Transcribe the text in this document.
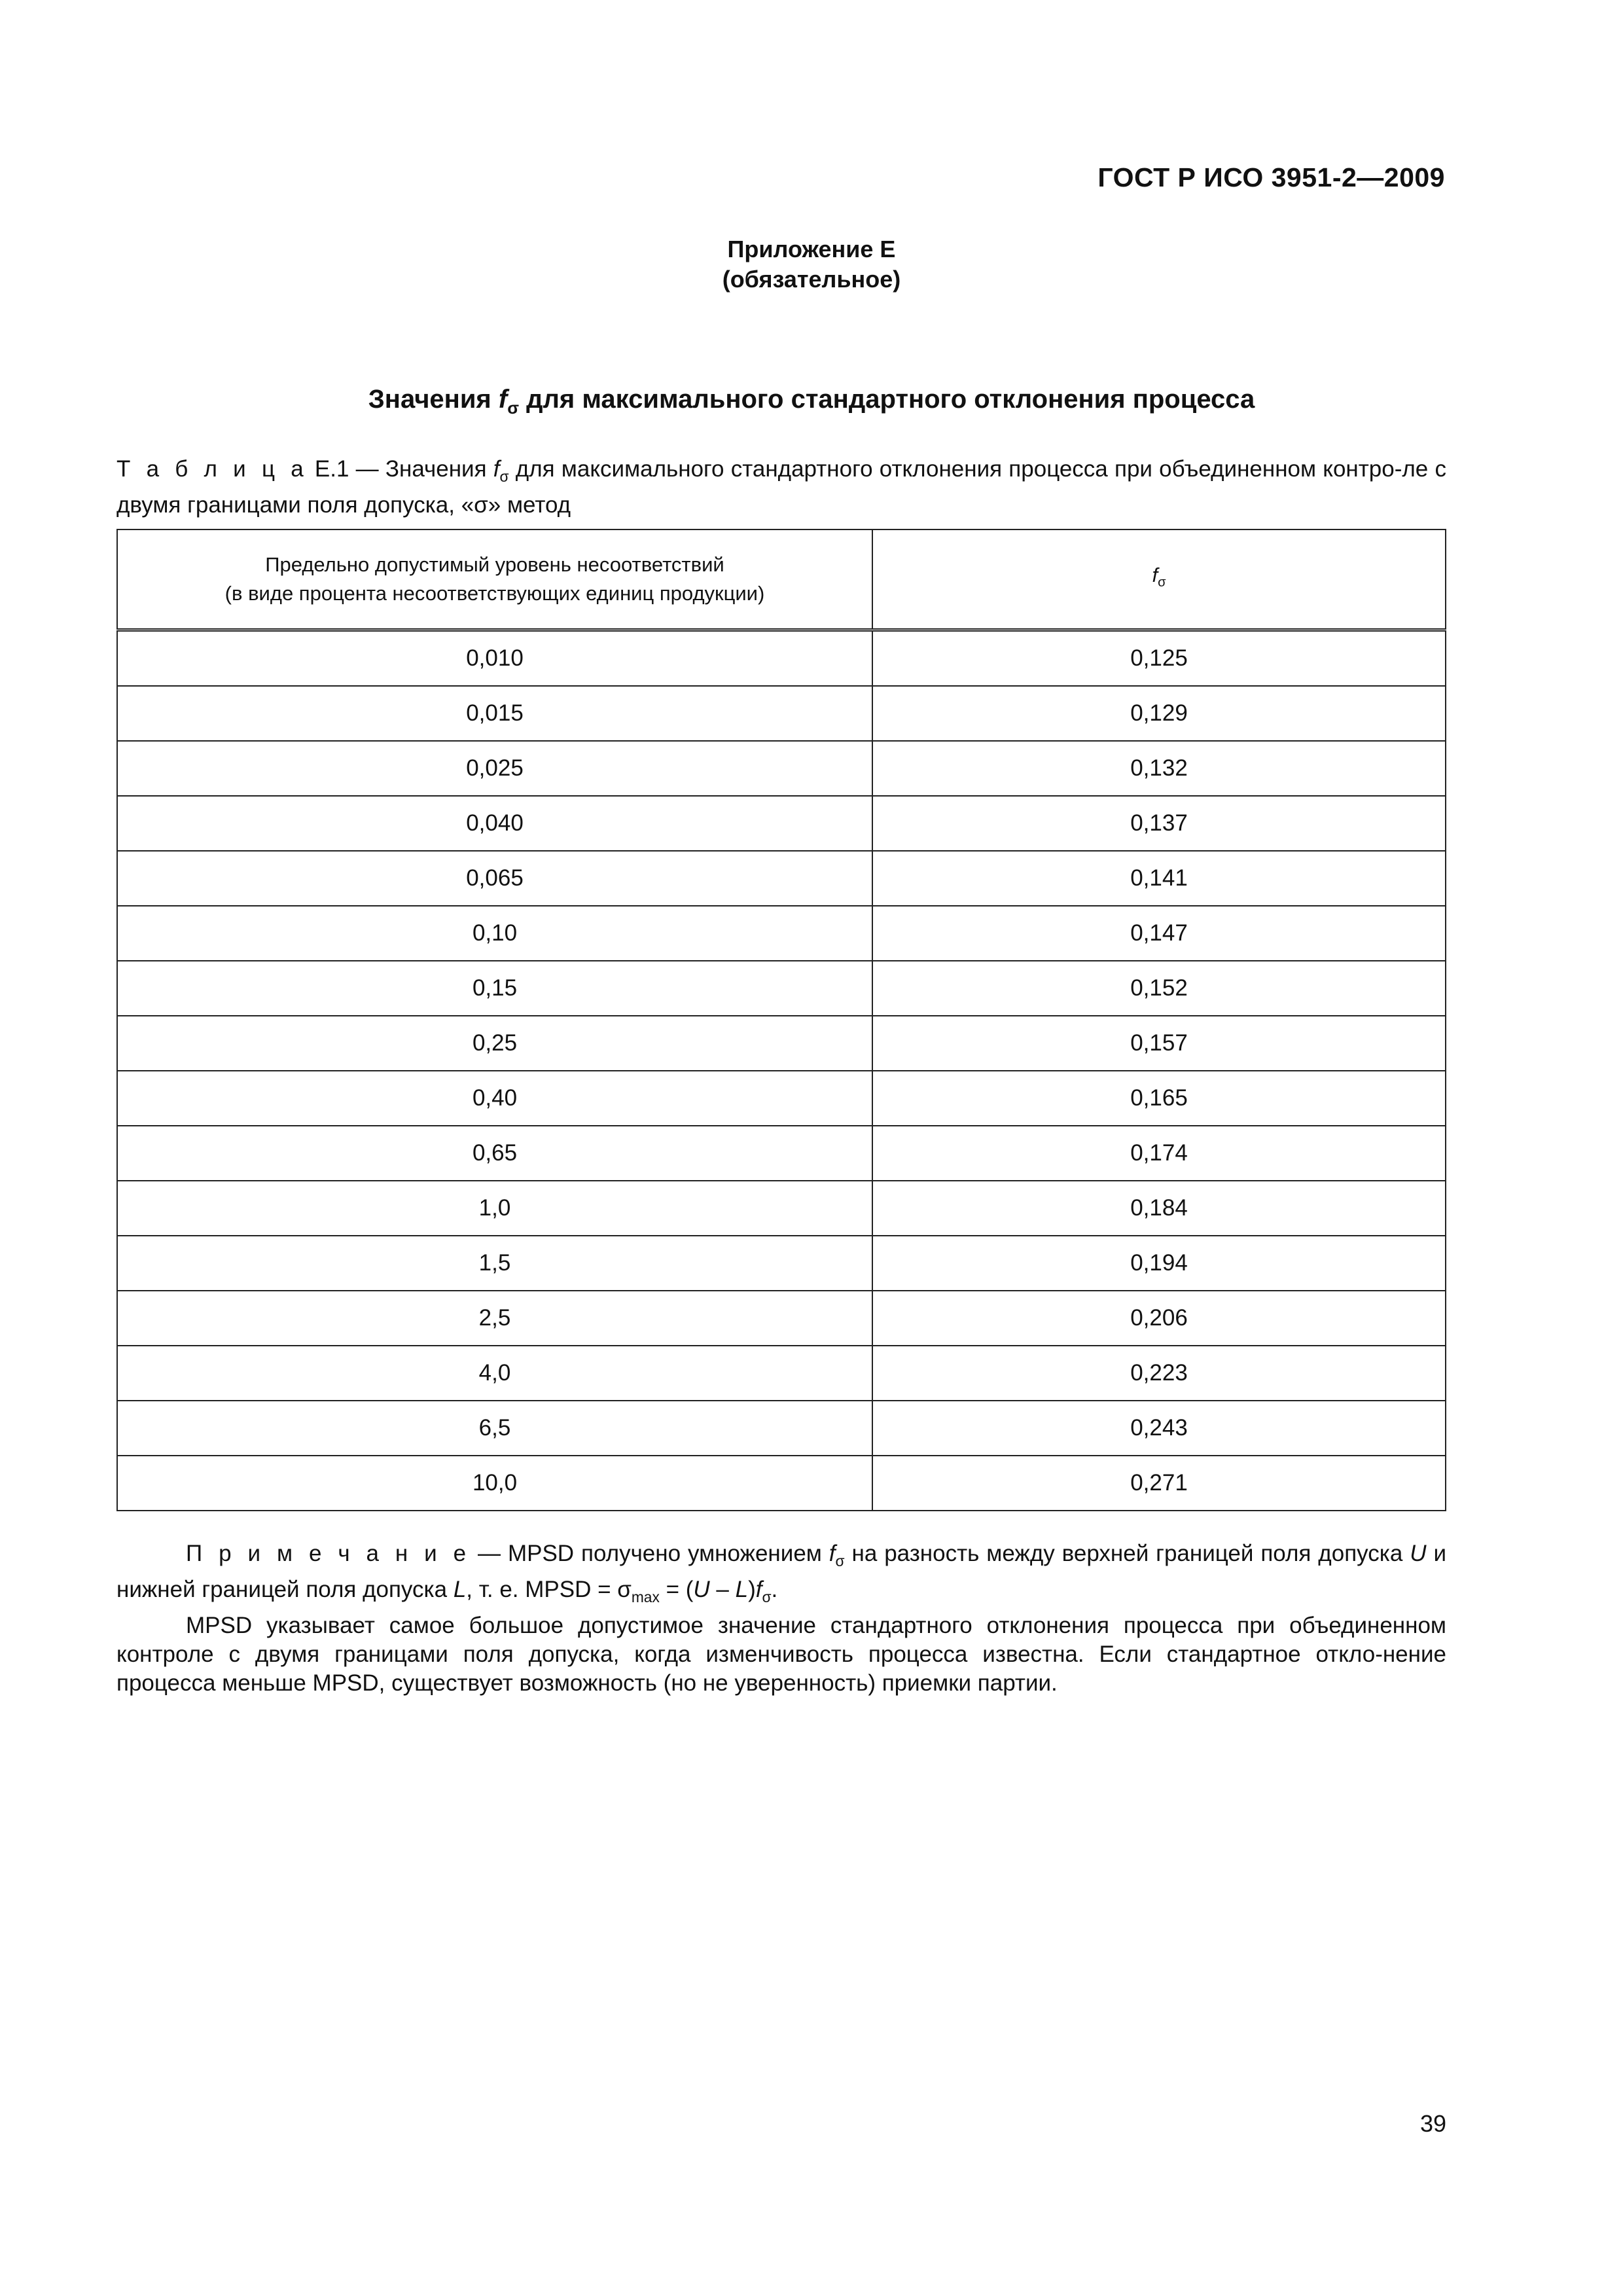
ГОСТ Р ИСО 3951-2—2009
Приложение Е
(обязательное)
Значения $f_\sigma$ для максимального стандартного отклонения процесса
Т а б л и ц а Е.1 — Значения $f_\sigma$ для максимального стандартного отклонения процесса при объединенном контро-ле с двумя границами поля допуска, «σ» метод
Предельно допустимый уровень несоответствий
(в виде процента несоответствующих единиц продукции)	$f_\sigma$
0,010	0,125
0,015	0,129
0,025	0,132
0,040	0,137
0,065	0,141
0,10	0,147
0,15	0,152
0,25	0,157
0,40	0,165
0,65	0,174
1,0	0,184
1,5	0,194
2,5	0,206
4,0	0,223
6,5	0,243
10,0	0,271

П р и м е ч а н и е — MPSD получено умножением $f_\sigma$ на разность между верхней границей поля допуска U и нижней границей поля допуска L, т. е. MPSD = $\sigma_{max} = (U - L)f_\sigma$.

MPSD указывает самое большое допустимое значение стандартного отклонения процесса при объединенном контроле с двумя границами поля допуска, когда изменчивость процесса известна. Если стандартное откло-нение процесса меньше MPSD, существует возможность (но не уверенность) приемки партии.

39
